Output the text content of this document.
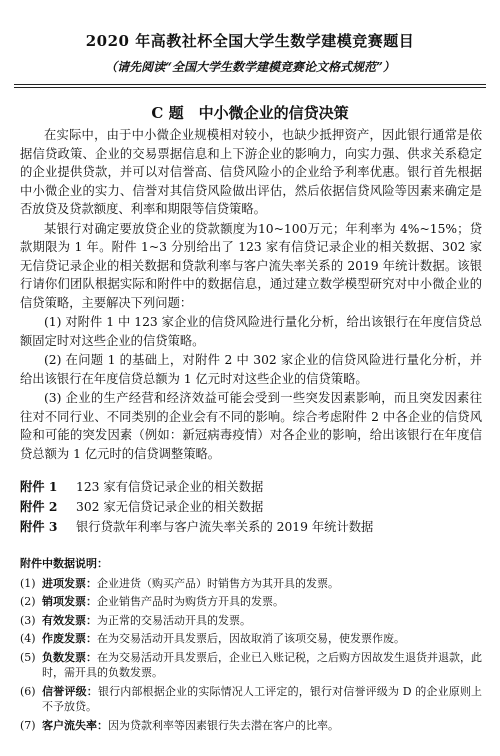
2020 年高教社杯全国大学生数学建模竞赛题目
（请先阅读“全国大学生数学建模竞赛论文格式规范”）
C 题　中小微企业的信贷决策

在实际中，由于中小微企业规模相对较小，也缺少抵押资产，因此银行通常是依据信贷政策、企业的交易票据信息和上下游企业的影响力，向实力强、供求关系稳定的企业提供贷款，并可以对信誉高、信贷风险小的企业给予利率优惠。银行首先根据中小微企业的实力、信誉对其信贷风险做出评估，然后依据信贷风险等因素来确定是否放贷及贷款额度、利率和期限等信贷策略。

某银行对确定要放贷企业的贷款额度为10~100万元；年利率为 4%~15%；贷款期限为 1 年。附件 1~3 分别给出了 123 家有信贷记录企业的相关数据、302 家无信贷记录企业的相关数据和贷款利率与客户流失率关系的 2019 年统计数据。该银行请你们团队根据实际和附件中的数据信息，通过建立数学模型研究对中小微企业的信贷策略，主要解决下列问题：

(1) 对附件 1 中 123 家企业的信贷风险进行量化分析，给出该银行在年度信贷总额固定时对这些企业的信贷策略。

(2) 在问题 1 的基础上，对附件 2 中 302 家企业的信贷风险进行量化分析，并给出该银行在年度信贷总额为 1 亿元时对这些企业的信贷策略。

(3) 企业的生产经营和经济效益可能会受到一些突发因素影响，而且突发因素往往对不同行业、不同类别的企业会有不同的影响。综合考虑附件 2 中各企业的信贷风险和可能的突发因素（例如：新冠病毒疫情）对各企业的影响，给出该银行在年度信贷总额为 1 亿元时的信贷调整策略。

附件 1 123 家有信贷记录企业的相关数据
附件 2 302 家无信贷记录企业的相关数据
附件 3 银行贷款年利率与客户流失率关系的 2019 年统计数据
附件中数据说明：
(1) 进项发票：企业进货（购买产品）时销售方为其开具的发票。
(2) 销项发票：企业销售产品时为购货方开具的发票。
(3) 有效发票：为正常的交易活动开具的发票。
(4) 作废发票：在为交易活动开具发票后，因故取消了该项交易，使发票作废。
(5) 负数发票：在为交易活动开具发票后，企业已入账记税，之后购方因故发生退货并退款，此时，需开具的负数发票。
(6) 信誉评级：银行内部根据企业的实际情况人工评定的，银行对信誉评级为 D 的企业原则上不予放贷。
(7) 客户流失率：因为贷款利率等因素银行失去潜在客户的比率。
